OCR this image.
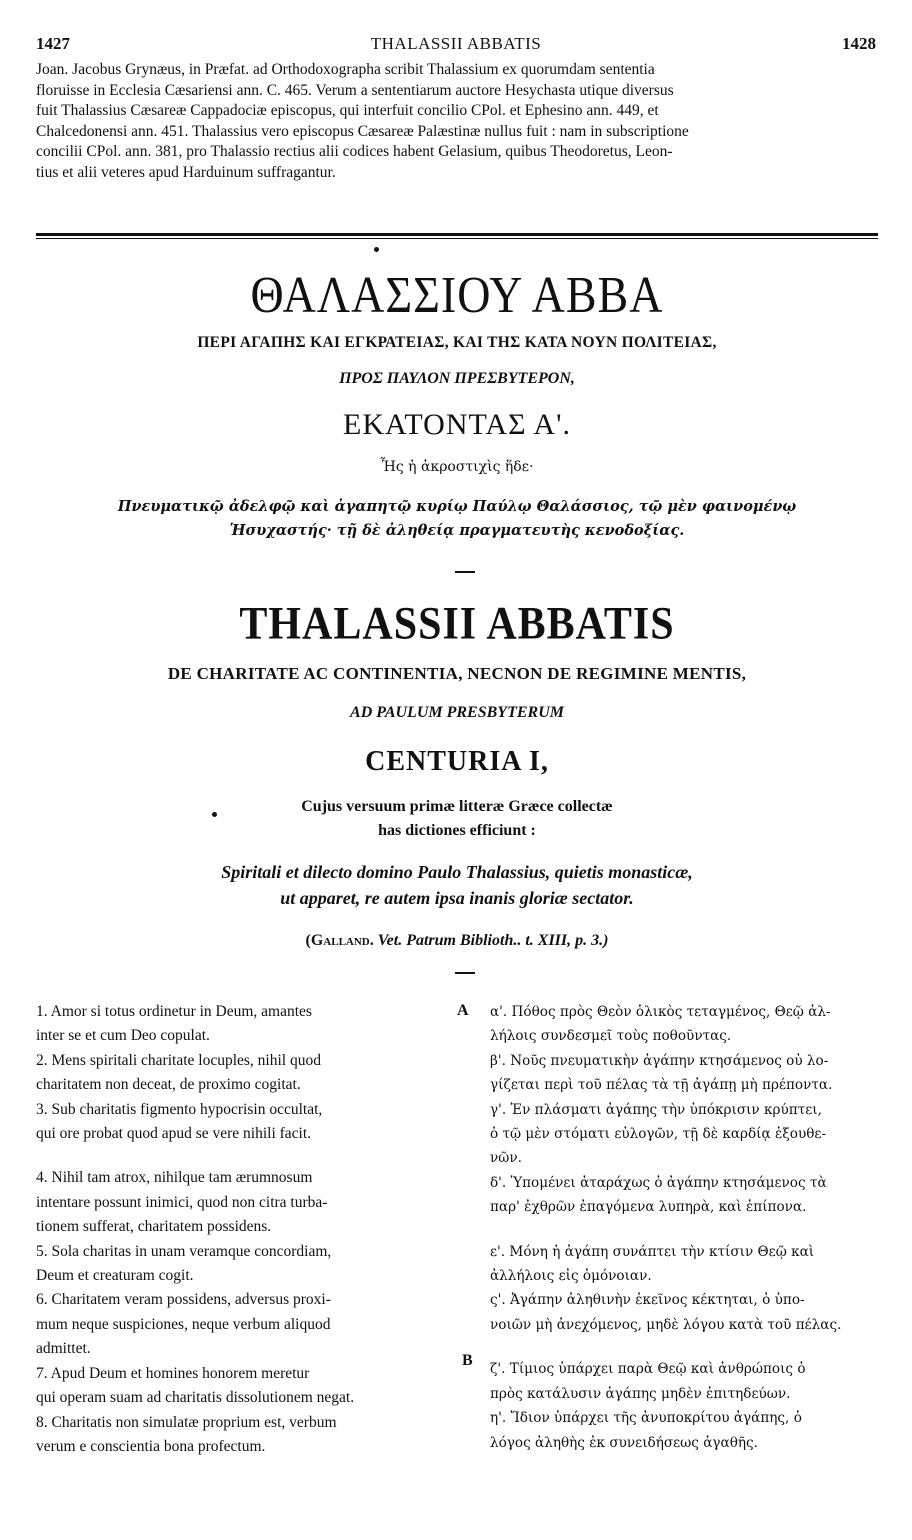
1427	THALASSII ABBATIS	1428
Joan. Jacobus Grynæus, in Præfat. ad Orthodoxographa scribit Thalassium ex quorumdam sententia
floruisse in Ecclesia Cæsariensi ann. C. 465. Verum a sententiarum auctore Hesychasta utique diversus
fuit Thalassius Cæsareæ Cappadociæ episcopus, qui interfuit concilio CPol. et Ephesino ann. 449, et
Chalcedonensi ann. 451. Thalassius vero episcopus Cæsareæ Palæstinæ nullus fuit : nam in subscriptione
concilii CPol. ann. 381, pro Thalassio rectius alii codices habent Gelasium, quibus Theodoretus, Leon-
tius et alii veteres apud Harduinum suffragantur.
ΘΑΛΑΣΣΙΟΥ ΑΒΒΑ
ΠΕΡΙ ΑΓΑΠΗΣ ΚΑΙ ΕΓΚΡΑΤΕΙΑΣ, ΚΑΙ ΤΗΣ ΚΑΤΑ ΝΟΥΝ ΠΟΛΙΤΕΙΑΣ,
ΠΡΟΣ ΠΑΥΛΟΝ ΠΡΕΣΒΥΤΕΡΟΝ,
ΕΚΑΤΟΝΤΑΣ Α'.
Ἧς ἡ ἀκροστιχὶς ἥδε·
Πνευματικῷ ἀδελφῷ καὶ ἀγαπητῷ κυρίῳ Παύλῳ Θαλάσσιος, τῷ μὲν φαινομένῳ
Ἡσυχαστής· τῇ δὲ ἀληθείᾳ πραγματευτὴς κενοδοξίας.
THALASSII ABBATIS
DE CHARITATE AC CONTINENTIA, NECNON DE REGIMINE MENTIS,
AD PAULUM PRESBYTERUM
CENTURIA I,
Cujus versuum primæ litteræ Græce collectæ
has dictiones efficiunt :
Spiritali et dilecto domino Paulo Thalassius, quietis monasticæ,
ut apparet, re autem ipsa inanis gloriæ sectator.
(Galland. Vet. Patrum Biblioth.. t. XIII, p. 3.)

1. Amor si totus ordinetur in Deum, amantes
inter se et cum Deo copulat.

2. Mens spiritali charitate locuples, nihil quod
charitatem non deceat, de proximo cogitat.

3. Sub charitatis figmento hypocrisin occultat,
qui ore probat quod apud se vere nihili facit.

4. Nihil tam atrox, nihilque tam ærumnosum
intentare possunt inimici, quod non citra turba-
tionem sufferat, charitatem possidens.

5. Sola charitas in unam veramque concordiam,
Deum et creaturam cogit.

6. Charitatem veram possidens, adversus proxi-
mum neque suspiciones, neque verbum aliquod
admittet.

7. Apud Deum et homines honorem meretur
qui operam suam ad charitatis dissolutionem negat.

8. Charitatis non simulatæ proprium est, verbum
verum e conscientia bona profectum.

A
B

α'. Πόθος πρὸς Θεὸν ὁλικὸς τεταγμένος, Θεῷ ἀλ-
λήλοις συνδεσμεῖ τοὺς ποθοῦντας.

β'. Νοῦς πνευματικὴν ἀγάπην κτησάμενος οὐ λο-
γίζεται περὶ τοῦ πέλας τὰ τῇ ἀγάπῃ μὴ πρέποντα.

γ'. Ἐν πλάσματι ἀγάπης τὴν ὑπόκρισιν κρύπτει,
ὁ τῷ μὲν στόματι εὐλογῶν, τῇ δὲ καρδίᾳ ἐξουθε-
νῶν.

δ'. Ὑπομένει ἀταράχως ὁ ἀγάπην κτησάμενος τὰ
παρ' ἐχθρῶν ἐπαγόμενα λυπηρὰ, καὶ ἐπίπονα.

ε'. Μόνη ἡ ἀγάπη συνάπτει τὴν κτίσιν Θεῷ καὶ
ἀλλήλοις εἰς ὁμόνοιαν.

ς'. Ἀγάπην ἀληθινὴν ἐκεῖνος κέκτηται, ὁ ὑπο-
νοιῶν μὴ ἀνεχόμενος, μηδὲ λόγου κατὰ τοῦ πέλας.

ζ'. Τίμιος ὑπάρχει παρὰ Θεῷ καὶ ἀνθρώποις ὁ
πρὸς κατάλυσιν ἀγάπης μηδὲν ἐπιτηδεύων.

η'. Ἴδιον ὑπάρχει τῆς ἀνυποκρίτου ἀγάπης, ὁ
λόγος ἀληθὴς ἐκ συνειδήσεως ἀγαθῆς.
